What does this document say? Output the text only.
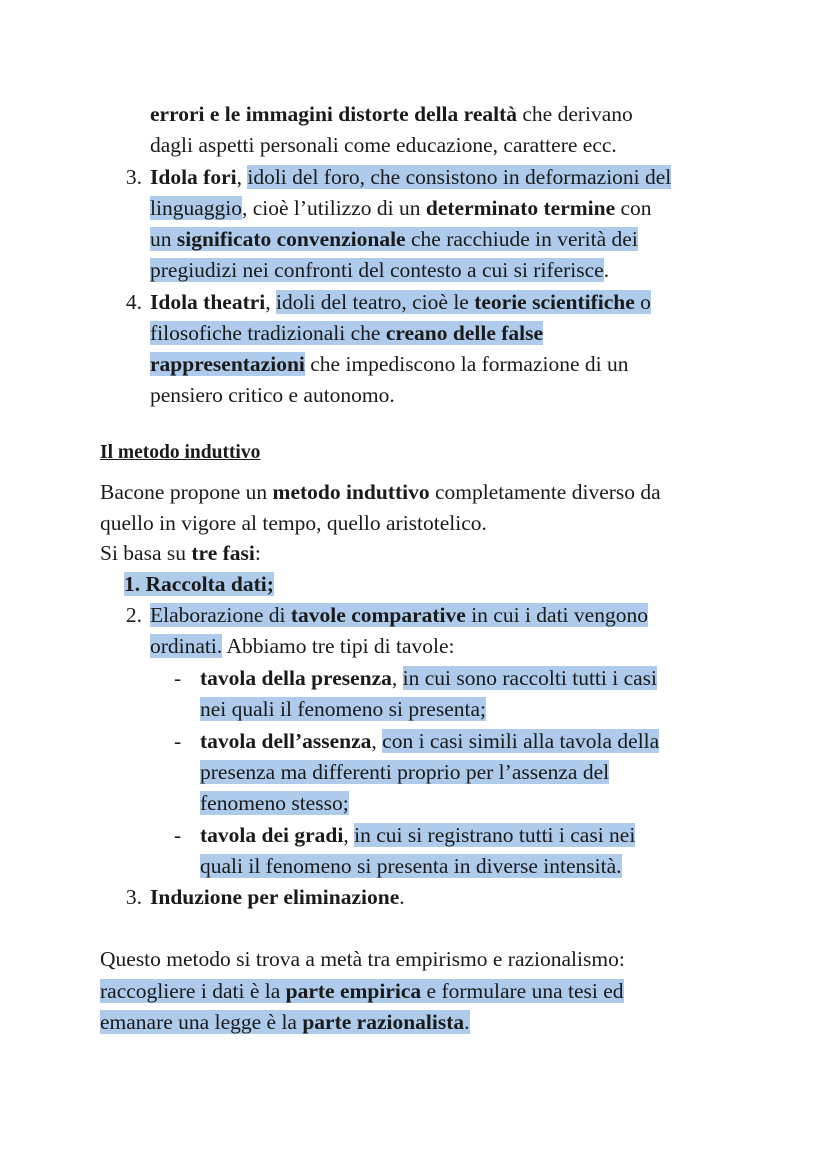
errori e le immagini distorte della realtà che derivano
dagli aspetti personali come educazione, carattere ecc.
3. Idola fori, idoli del foro, che consistono in deformazioni del
linguaggio, cioè l’utilizzo di un determinato termine con
un significato convenzionale che racchiude in verità dei
pregiudizi nei confronti del contesto a cui si riferisce.
4. Idola theatri, idoli del teatro, cioè le teorie scientifiche o
filosofiche tradizionali che creano delle false
rappresentazioni che impediscono la formazione di un
pensiero critico e autonomo.
Il metodo induttivo
Bacone propone un metodo induttivo completamente diverso da
quello in vigore al tempo, quello aristotelico.
Si basa su tre fasi:
1. Raccolta dati;
2. Elaborazione di tavole comparative in cui i dati vengono
ordinati. Abbiamo tre tipi di tavole:
- tavola della presenza, in cui sono raccolti tutti i casi
nei quali il fenomeno si presenta;
- tavola dell’assenza, con i casi simili alla tavola della
presenza ma differenti proprio per l’assenza del
fenomeno stesso;
- tavola dei gradi, in cui si registrano tutti i casi nei
quali il fenomeno si presenta in diverse intensità.
3. Induzione per eliminazione.
Questo metodo si trova a metà tra empirismo e razionalismo:
raccogliere i dati è la parte empirica e formulare una tesi ed
emanare una legge è la parte razionalista.
